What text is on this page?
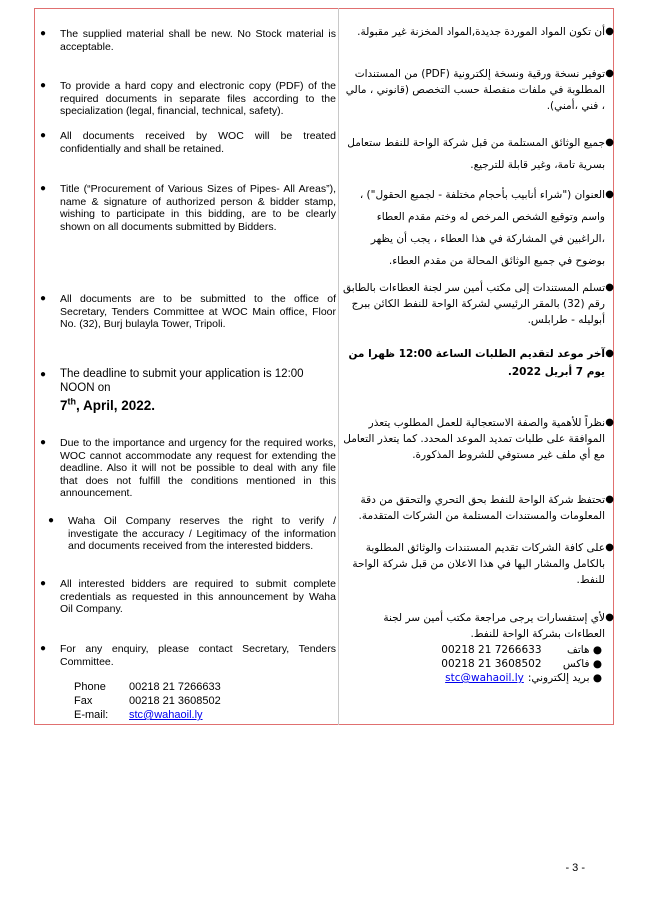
●	The supplied material shall be new. No Stock material is acceptable.
●	To provide a hard copy and electronic copy (PDF) of the required documents in separate files according to the specialization (legal, financial, technical, safety).
●	All documents received by WOC will be treated confidentially and shall be retained.
●	Title (“Procurement of Various Sizes of Pipes- All Areas”), name & signature of authorized person & bidder stamp, wishing to participate in this bidding, are to be clearly shown on all documents submitted by Bidders.
●	All documents are to be submitted to the office of Secretary, Tenders Committee at WOC Main office, Floor No. (32), Burj bulayla Tower, Tripoli.
●	The deadline to submit your application is 12:00 NOON on
7th, April, 2022.
●	Due to the importance and urgency for the required works, WOC cannot accommodate any request for extending the deadline. Also it will not be possible to deal with any file that does not fulfill the conditions mentioned in this announcement.
●	Waha Oil Company reserves the right to verify / investigate the accuracy / Legitimacy of the information and documents received from the interested bidders.
●	All interested bidders are required to submit complete credentials as requested in this announcement by Waha Oil Company.
●	For any enquiry, please contact Secretary, Tenders Committee.
Phone	00218 21 7266633
Fax	00218 21 3608502
E-mail:	stc@wahaoil.ly
●
أن تكون المواد الموردة جديدة,المواد المخزنة غير مقبولة.
●
توفير نسخة ورقية ونسخة إلكترونية (PDF) من المستندات المطلوبة في ملفات منفصلة حسب التخصص (قانوني ، مالي ، فني ،أمني).
●
جميع الوثائق المستلمة من قبل شركة الواحة للنفط ستعامل بسرية تامة، وغير قابلة للترجيع.
●
العنوان ("شراء أنابيب بأحجام مختلفة - لجميع الحقول") ، واسم وتوقيع الشخص المرخص له وختم مقدم العطاء ،الراغبين في المشاركة في هذا العطاء ، يجب أن يظهر بوضوح في جميع الوثائق المحالة من مقدم العطاء.
●
تسلم المستندات إلى مكتب أمين سر لجنة العطاءات بالطابق رقم (32) بالمقر الرئيسي لشركة الواحة للنفط الكائن ببرج أبوليله - طرابلس.
●
آخر موعد لتقديم الطلبات الساعة 12:00 ظهرا من يوم 7 أبريل 2022.
●
نظراً للأهمية والصفة الاستعجالية للعمل المطلوب يتعذر الموافقة على طلبات تمديد الموعد المحدد. كما يتعذر التعامل مع أي ملف غير مستوفي للشروط المذكورة.
●
تحتفظ شركة الواحة للنفط بحق التحري والتحقق من دقة المعلومات والمستندات المستلمة من الشركات المتقدمة.
●
على كافة الشركات تقديم المستندات والوثائق المطلوبة بالكامل والمشار اليها في هذا الاعلان من قبل شركة الواحة للنفط.
●
لأي إستفسارات يرجى مراجعة مكتب أمين سر لجنة العطاءات بشركة الواحة للنفط.
●
هاتف
00218 21 7266633
●
فاكس
00218 21 3608502
●
بريد إلكتروني:
stc@wahaoil.ly
- 3 -
